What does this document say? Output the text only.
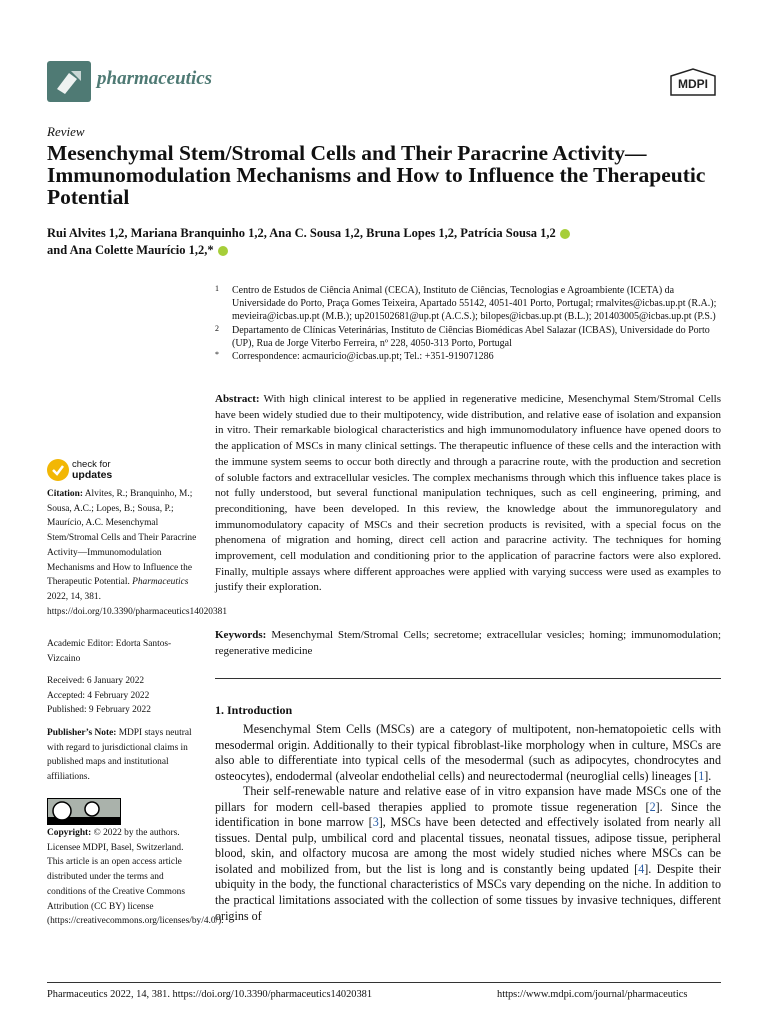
pharmaceutics	MDPI
Review
Mesenchymal Stem/Stromal Cells and Their Paracrine Activity—Immunomodulation Mechanisms and How to Influence the Therapeutic Potential
Rui Alvites 1,2, Mariana Branquinho 1,2, Ana C. Sousa 1,2, Bruna Lopes 1,2, Patrícia Sousa 1,2
and Ana Colette Maurício 1,2,*
1 Centro de Estudos de Ciência Animal (CECA), Instituto de Ciências, Tecnologias e Agroambiente (ICETA) da Universidade do Porto, Praça Gomes Teixeira, Apartado 55142, 4051-401 Porto, Portugal; rmalvites@icbas.up.pt (R.A.); mevieira@icbas.up.pt (M.B.); up201502681@up.pt (A.C.S.); bilopes@icbas.up.pt (B.L.); 201403005@icbas.up.pt (P.S.)
2 Departamento de Clínicas Veterinárias, Instituto de Ciências Biomédicas Abel Salazar (ICBAS), Universidade do Porto (UP), Rua de Jorge Viterbo Ferreira, nº 228, 4050-313 Porto, Portugal
* Correspondence: acmauricio@icbas.up.pt; Tel.: +351-919071286
Abstract: With high clinical interest to be applied in regenerative medicine, Mesenchymal Stem/Stromal Cells have been widely studied due to their multipotency, wide distribution, and relative ease of isolation and expansion in vitro. Their remarkable biological characteristics and high immunomodulatory influence have opened doors to the application of MSCs in many clinical settings. The therapeutic influence of these cells and the interaction with the immune system seems to occur both directly and through a paracrine route, with the production and secretion of soluble factors and extracellular vesicles. The complex mechanisms through which this influence takes place is not fully understood, but several functional manipulation techniques, such as cell engineering, priming, and preconditioning, have been developed. In this review, the knowledge about the immunoregulatory and immunomodulatory capacity of MSCs and their secretion products is revisited, with a special focus on the phenomena of migration and homing, direct cell action and paracrine activity. The techniques for homing improvement, cell modulation and conditioning prior to the application of paracrine factors were also explored. Finally, multiple assays where different approaches were applied with varying success were used as examples to justify their exploration.
Keywords: Mesenchymal Stem/Stromal Cells; secretome; extracellular vesicles; homing; immunomodulation; regenerative medicine
1. Introduction

Mesenchymal Stem Cells (MSCs) are a category of multipotent, non-hematopoietic cells with mesodermal origin. Additionally to their typical fibroblast-like morphology when in culture, MSCs are also able to differentiate into typical cells of the mesodermal (such as adipocytes, chondrocytes and osteocytes), endodermal (alveolar endothelial cells) and neurectodermal (neuroglial cells) lineages [1].

Their self-renewable nature and relative ease of in vitro expansion have made MSCs one of the pillars for modern cell-based therapies applied to promote tissue regeneration [2]. Since the identification in bone marrow [3], MSCs have been detected and effectively isolated from nearly all tissues. Dental pulp, umbilical cord and placental tissues, neonatal tissues, adipose tissue, peripheral blood, skin, and olfactory mucosa are among the most widely studied niches where MSCs can be isolated and mobilized from, but the list is long and is constantly being updated [4]. Despite their ubiquity in the body, the functional characteristics of MSCs vary depending on the niche. In addition to the practical limitations associated with the collection of some tissues by invasive techniques, different origins of

check for
updates
Citation: Alvites, R.; Branquinho, M.; Sousa, A.C.; Lopes, B.; Sousa, P.; Maurício, A.C. Mesenchymal Stem/Stromal Cells and Their Paracrine Activity—Immunomodulation Mechanisms and How to Influence the Therapeutic Potential. Pharmaceutics 2022, 14, 381. https://doi.org/10.3390/pharmaceutics14020381
Academic Editor: Edorta Santos-Vizcaino
Received: 6 January 2022
Accepted: 4 February 2022
Published: 9 February 2022
Publisher’s Note: MDPI stays neutral with regard to jurisdictional claims in published maps and institutional affiliations.
Copyright: © 2022 by the authors. Licensee MDPI, Basel, Switzerland. This article is an open access article distributed under the terms and conditions of the Creative Commons Attribution (CC BY) license (https://creativecommons.org/licenses/by/4.0/).
Pharmaceutics 2022, 14, 381. https://doi.org/10.3390/pharmaceutics14020381	https://www.mdpi.com/journal/pharmaceutics
